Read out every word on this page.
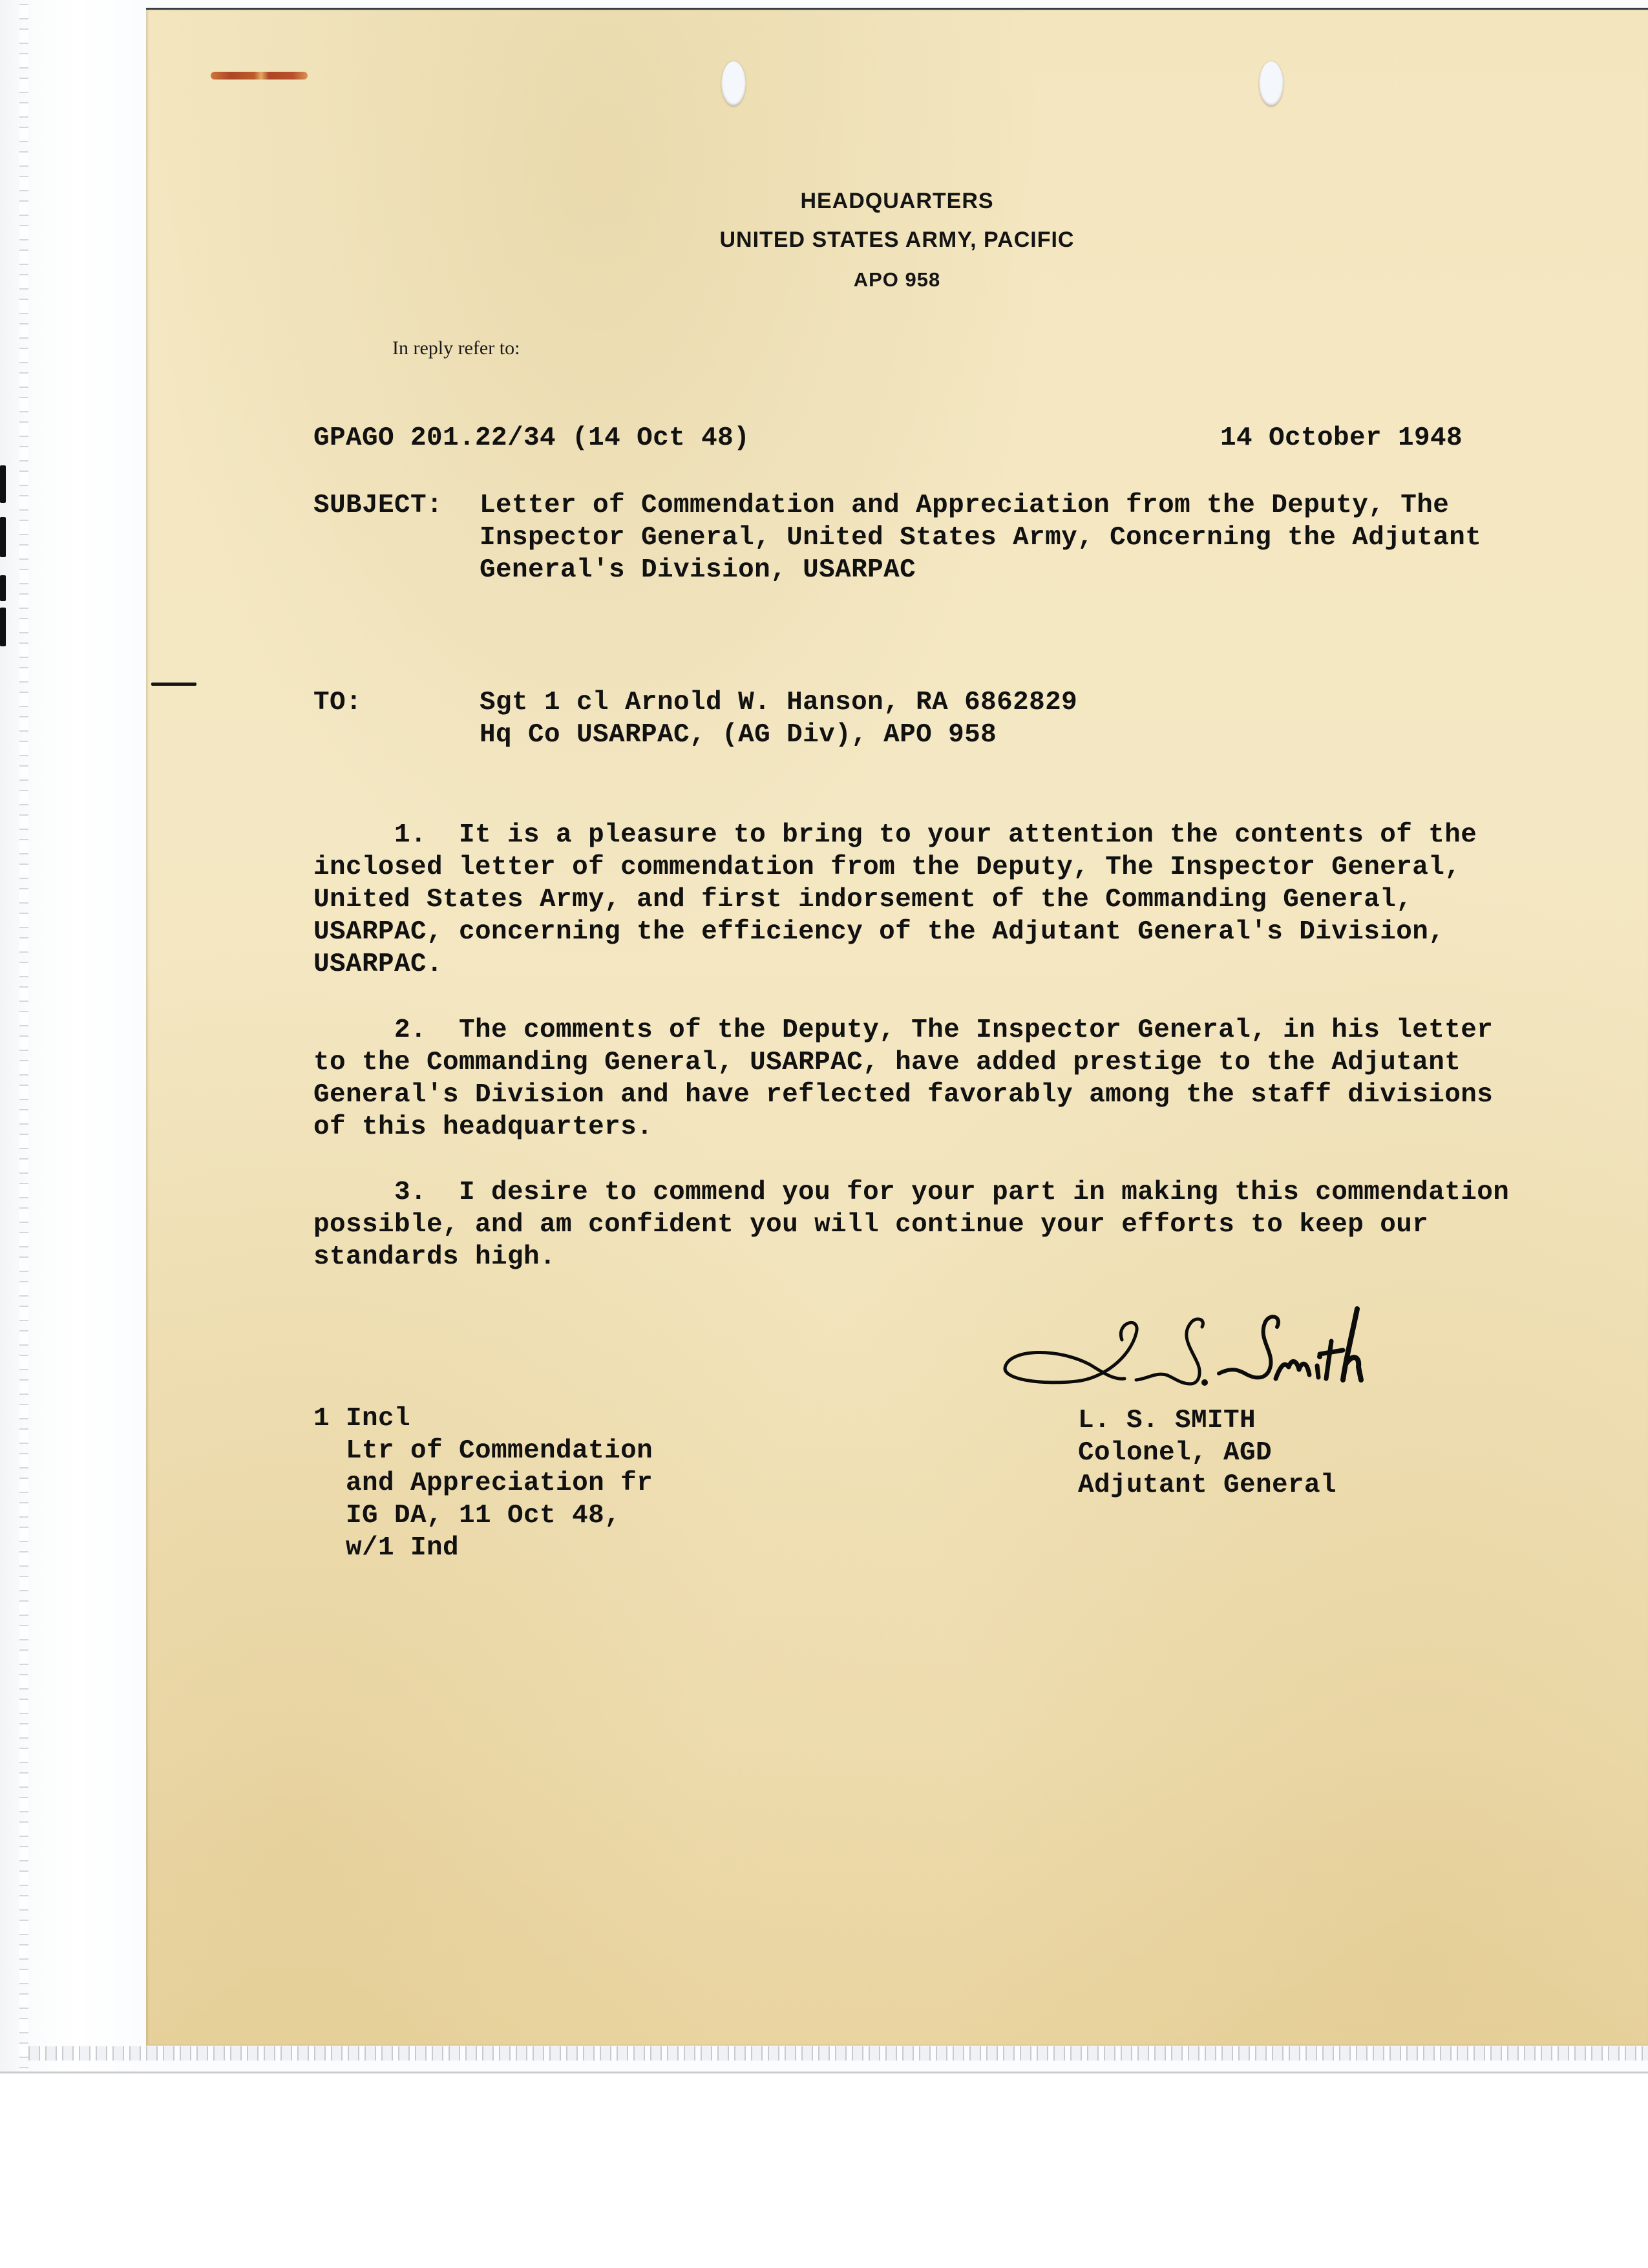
HEADQUARTERS
UNITED STATES ARMY, PACIFIC
APO 958
In reply refer to:
GPAGO 201.22/34 (14 Oct 48)	14 October 1948
SUBJECT: Letter of Commendation and Appreciation from the Deputy, The
Inspector General, United States Army, Concerning the Adjutant
General's Division, USARPAC
TO:	Sgt 1 cl Arnold W. Hanson, RA 6862829
Hq Co USARPAC, (AG Div), APO 958
1.  It is a pleasure to bring to your attention the contents of the
inclosed letter of commendation from the Deputy, The Inspector General,
United States Army, and first indorsement of the Commanding General,
USARPAC, concerning the efficiency of the Adjutant General's Division,
USARPAC.
2.  The comments of the Deputy, The Inspector General, in his letter
to the Commanding General, USARPAC, have added prestige to the Adjutant
General's Division and have reflected favorably among the staff divisions
of this headquarters.
3.  I desire to commend you for your part in making this commendation
possible, and am confident you will continue your efforts to keep our
standards high.
1 Incl
Ltr of Commendation
and Appreciation fr
IG DA, 11 Oct 48,
w/1 Ind
L. S. SMITH
Colonel, AGD
Adjutant General
